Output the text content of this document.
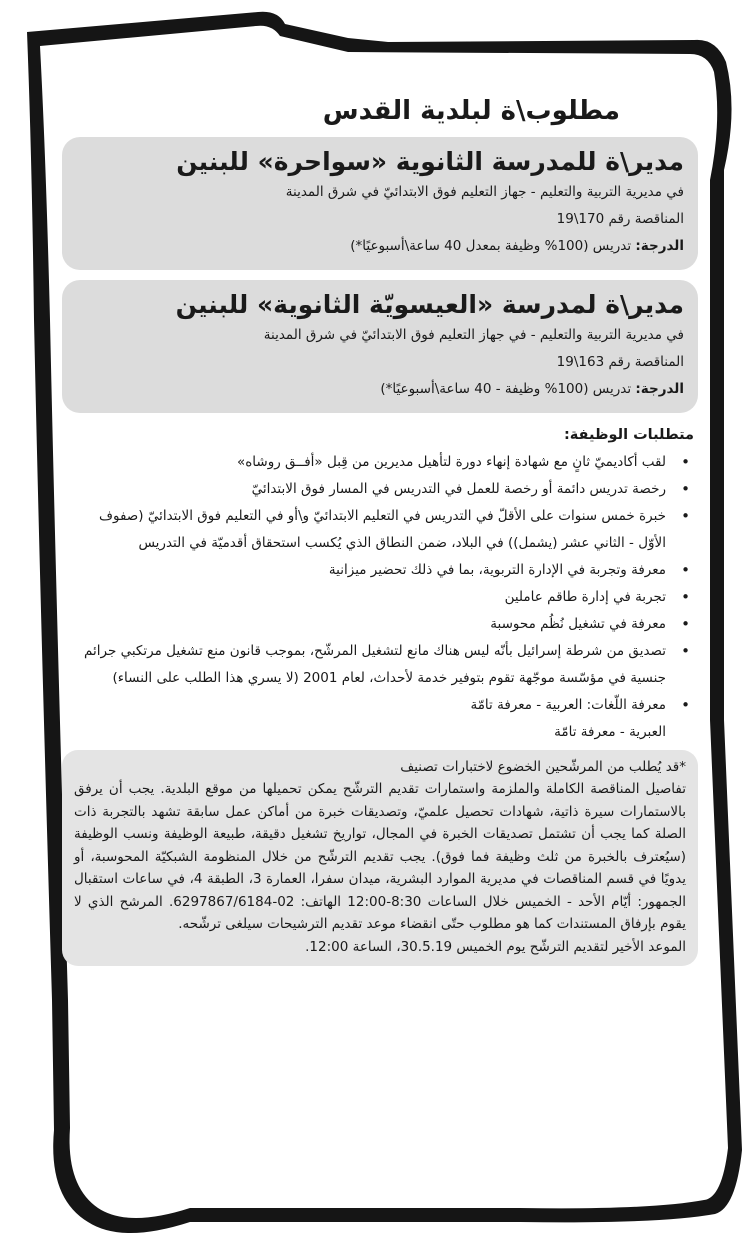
مطلوب\ة لبلدية القدس
مدير\ة للمدرسة الثانوية «سواحرة» للبنين

في مديرية التربية والتعليم - جهاز التعليم فوق الابتدائيّ في شرق المدينة

المناقصة رقم 170\19

الدرجة: تدريس (100% وظيفة بمعدل 40 ساعة\أسبوعيًا*)

مدير\ة لمدرسة «العيسويّة الثانوية» للبنين

في مديرية التربية والتعليم - في جهاز التعليم فوق الابتدائيّ في شرق المدينة

المناقصة رقم 163\19

الدرجة: تدريس (100% وظيفة - 40 ساعة\أسبوعيًا*)

متطلبات الوظيفة:
•
لقب أكاديميّ ثانٍ مع شهادة إنهاء دورة لتأهيل مديرين من قِبل «أفــق روشاه»
•
رخصة تدريس دائمة أو رخصة للعمل في التدريس في المسار فوق الابتدائيّ
•
خبرة خمس سنوات على الأقلّ في التدريس في التعليم الابتدائيّ و\أو في التعليم فوق الابتدائيّ (صفوف الأوّل - الثاني عشر (يشمل)) في البلاد، ضمن النطاق الذي يُكسب استحقاق أقدميّة في التدريس
•
معرفة وتجربة في الإدارة التربوية، بما في ذلك تحضير ميزانية
•
تجربة في إدارة طاقم عاملين
•
معرفة في تشغيل نُظُم محوسبة
•
تصديق من شرطة إسرائيل بأنّه ليس هناك مانع لتشغيل المرشّح، بموجب قانون منع تشغيل مرتكبي جرائم جنسية في مؤسّسة موجّهة تقوم بتوفير خدمة لأحداث، لعام 2001 (لا يسري هذا الطلب على النساء)
•
معرفة اللّغات: العربية - معرفة تامّة
العبرية - معرفة تامّة

*قد يُطلب من المرشّحين الخضوع لاختبارات تصنيف
تفاصيل المناقصة الكاملة والملزمة واستمارات تقديم الترشّح يمكن تحميلها من موقع البلدية. يجب أن يرفق بالاستمارات سيرة ذاتية، شهادات تحصيل علميّ، وتصديقات خبرة من أماكن عمل سابقة تشهد بالتجربة ذات الصلة كما يجب أن تشتمل تصديقات الخبرة في المجال، تواريخ تشغيل دقيقة، طبيعة الوظيفة ونسب الوظيفة (سيُعترف بالخبرة من ثلث وظيفة فما فوق). يجب تقديم الترشّح من خلال المنظومة الشبكيّة المحوسبة، أو يدويًا في قسم المناقصات في مديرية الموارد البشرية، ميدان سفرا، العمارة 3، الطبقة 4، في ساعات استقبال الجمهور: أيّام الأحد - الخميس خلال الساعات 8:30-12:00 الهاتف: 02-6297867/6184. المرشح الذي لا يقوم بإرفاق المستندات كما هو مطلوب حتّى انقضاء موعد تقديم الترشيحات سيلغى ترشّحه.
الموعد الأخير لتقديم الترشّح يوم الخميس 30.5.19، الساعة 12:00.
